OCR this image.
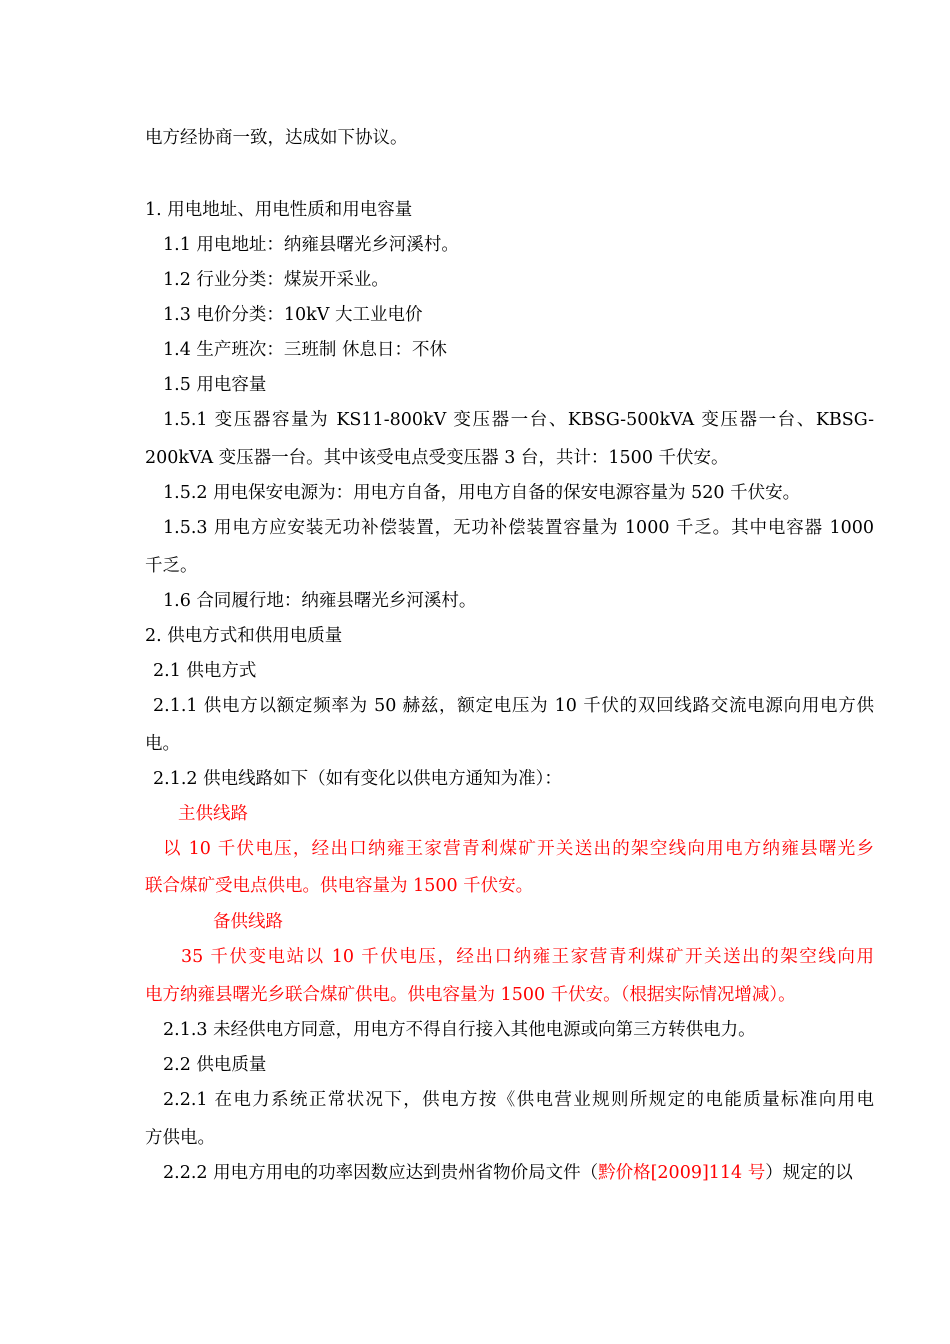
电方经协商一致，达成如下协议。
1. 用电地址、用电性质和用电容量
1.1 用电地址：纳雍县曙光乡河溪村。
1.2 行业分类：煤炭开采业。
1.3 电价分类：10kV 大工业电价
1.4 生产班次：三班制 休息日：不休
1.5 用电容量
1.5.1 变压器容量为 KS11-800kV 变压器一台、KBSG-500kVA 变压器一台、KBSG-
200kVA 变压器一台。其中该受电点受变压器 3 台，共计：1500 千伏安。
1.5.2 用电保安电源为：用电方自备，用电方自备的保安电源容量为 520 千伏安。
1.5.3 用电方应安装无功补偿装置，无功补偿装置容量为 1000 千乏。其中电容器 1000
千乏。
1.6 合同履行地：纳雍县曙光乡河溪村。
2. 供电方式和供用电质量
2.1 供电方式
2.1.1 供电方以额定频率为 50 赫兹，额定电压为 10 千伏的双回线路交流电源向用电方供
电。
2.1.2 供电线路如下（如有变化以供电方通知为准）：
主供线路
以 10 千伏电压，经出口纳雍王家营青利煤矿开关送出的架空线向用电方纳雍县曙光乡
联合煤矿受电点供电。供电容量为 1500 千伏安。
备供线路
35 千伏变电站以 10 千伏电压，经出口纳雍王家营青利煤矿开关送出的架空线向用
电方纳雍县曙光乡联合煤矿供电。供电容量为 1500 千伏安。（根据实际情况增减）。
2.1.3 未经供电方同意，用电方不得自行接入其他电源或向第三方转供电力。
2.2 供电质量
2.2.1 在电力系统正常状况下，供电方按《供电营业规则所规定的电能质量标准向用电
方供电。
2.2.2 用电方用电的功率因数应达到贵州省物价局文件（黔价格[2009]114 号）规定的以
